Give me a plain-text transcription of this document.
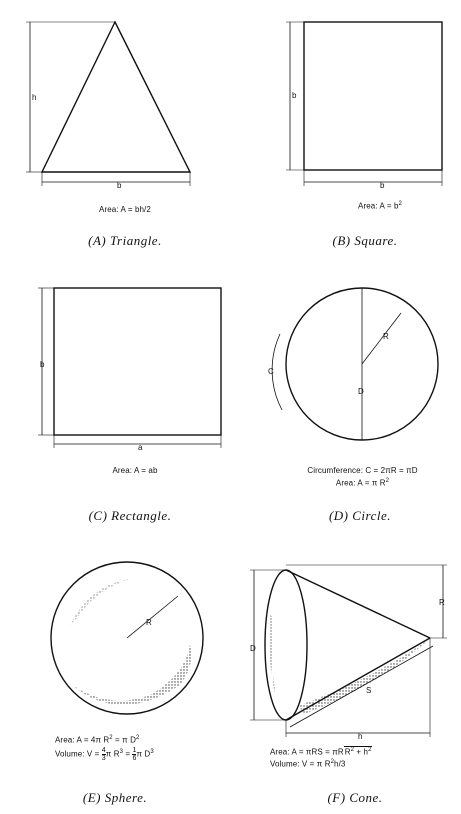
h
b
Area: A = bh/2
(A) Triangle.
b
b
Area: $A = b^2$
(B) Square.
b
a
Area: A = ab
(C) Rectangle.
R
D
C
Circumference: C = 2πR = πD
Area: A = π $R^2$
(D) Circle.
R
Area: A = 4π $R^2 = \pi$ $D^2$
Volume: $V = \frac{4}{3}$ π $R^3 = \frac{1}{6}$ π $D^3$
(E) Sphere.
D
R
S
h
Area: $A = \pi RS = \pi RR^2 + h^2$
Volume: V = π $R^2h/3$
(F) Cone.
